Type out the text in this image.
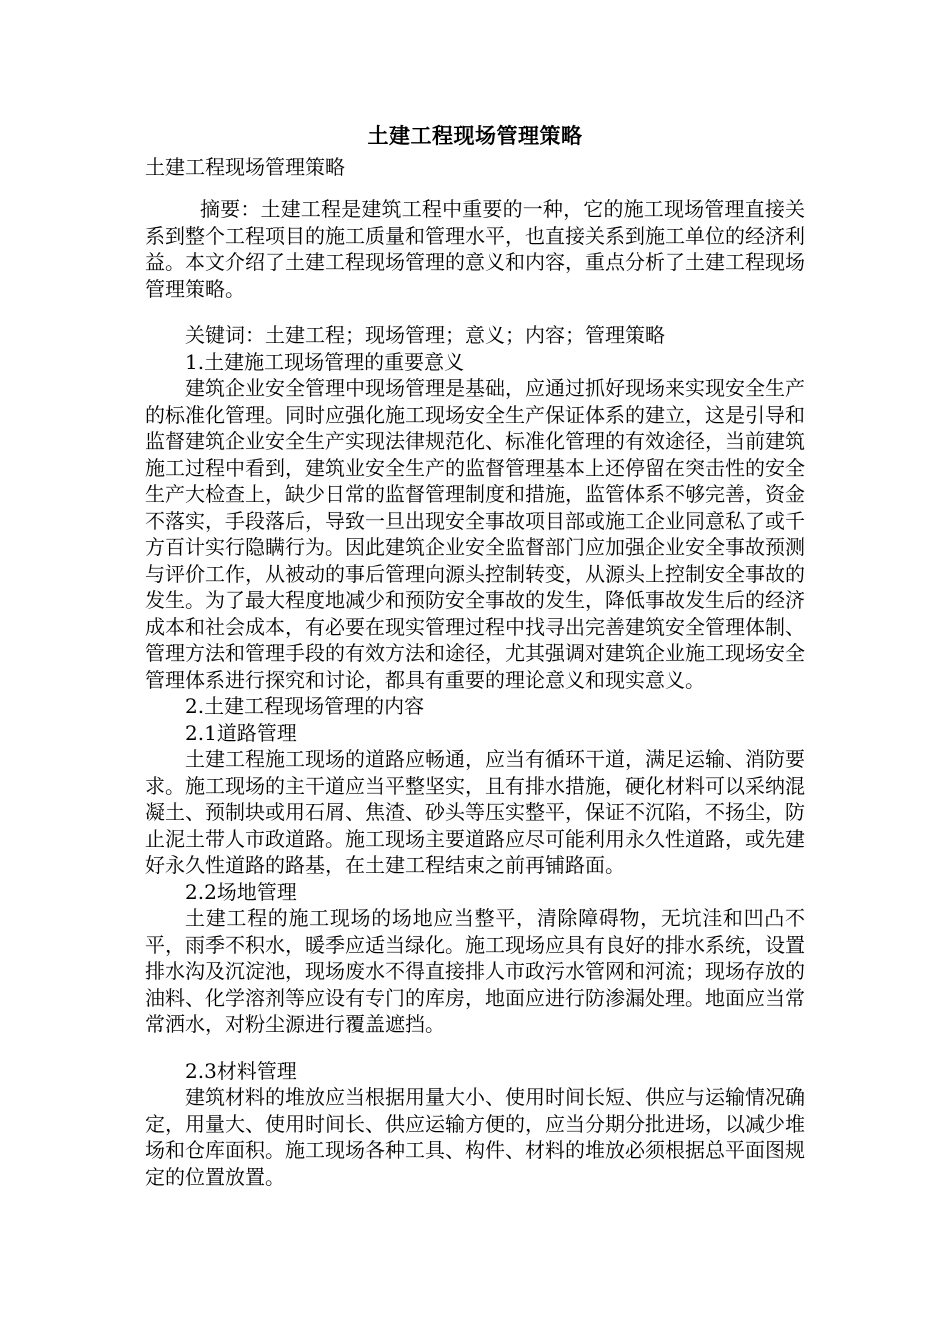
土建工程现场管理策略

土建工程现场管理策略

摘要：土建工程是建筑工程中重要的一种，它的施工现场管理直接关系到整个工程项目的施工质量和管理水平，也直接关系到施工单位的经济利益。本文介绍了土建工程现场管理的意义和内容，重点分析了土建工程现场管理策略。

关键词：土建工程；现场管理；意义；内容；管理策略

1.土建施工现场管理的重要意义

建筑企业安全管理中现场管理是基础，应通过抓好现场来实现安全生产的标准化管理。同时应强化施工现场安全生产保证体系的建立，这是引导和监督建筑企业安全生产实现法律规范化、标准化管理的有效途径，当前建筑施工过程中看到，建筑业安全生产的监督管理基本上还停留在突击性的安全生产大检查上，缺少日常的监督管理制度和措施，监管体系不够完善，资金不落实，手段落后，导致一旦出现安全事故项目部或施工企业同意私了或千方百计实行隐瞒行为。因此建筑企业安全监督部门应加强企业安全事故预测与评价工作，从被动的事后管理向源头控制转变，从源头上控制安全事故的发生。为了最大程度地减少和预防安全事故的发生，降低事故发生后的经济成本和社会成本，有必要在现实管理过程中找寻出完善建筑安全管理体制、管理方法和管理手段的有效方法和途径，尤其强调对建筑企业施工现场安全管理体系进行探究和讨论，都具有重要的理论意义和现实意义。

2.土建工程现场管理的内容

2.1道路管理

土建工程施工现场的道路应畅通，应当有循环干道，满足运输、消防要求。施工现场的主干道应当平整坚实，且有排水措施，硬化材料可以采纳混凝土、预制块或用石屑、焦渣、砂头等压实整平，保证不沉陷，不扬尘，防止泥土带人市政道路。施工现场主要道路应尽可能利用永久性道路，或先建好永久性道路的路基，在土建工程结束之前再铺路面。

2.2场地管理

土建工程的施工现场的场地应当整平，清除障碍物，无坑洼和凹凸不平，雨季不积水，暖季应适当绿化。施工现场应具有良好的排水系统，设置排水沟及沉淀池，现场废水不得直接排人市政污水管网和河流；现场存放的油料、化学溶剂等应设有专门的库房，地面应进行防渗漏处理。地面应当常常洒水，对粉尘源进行覆盖遮挡。

2.3材料管理

建筑材料的堆放应当根据用量大小、使用时间长短、供应与运输情况确定，用量大、使用时间长、供应运输方便的，应当分期分批进场，以减少堆场和仓库面积。施工现场各种工具、构件、材料的堆放必须根据总平面图规定的位置放置。
